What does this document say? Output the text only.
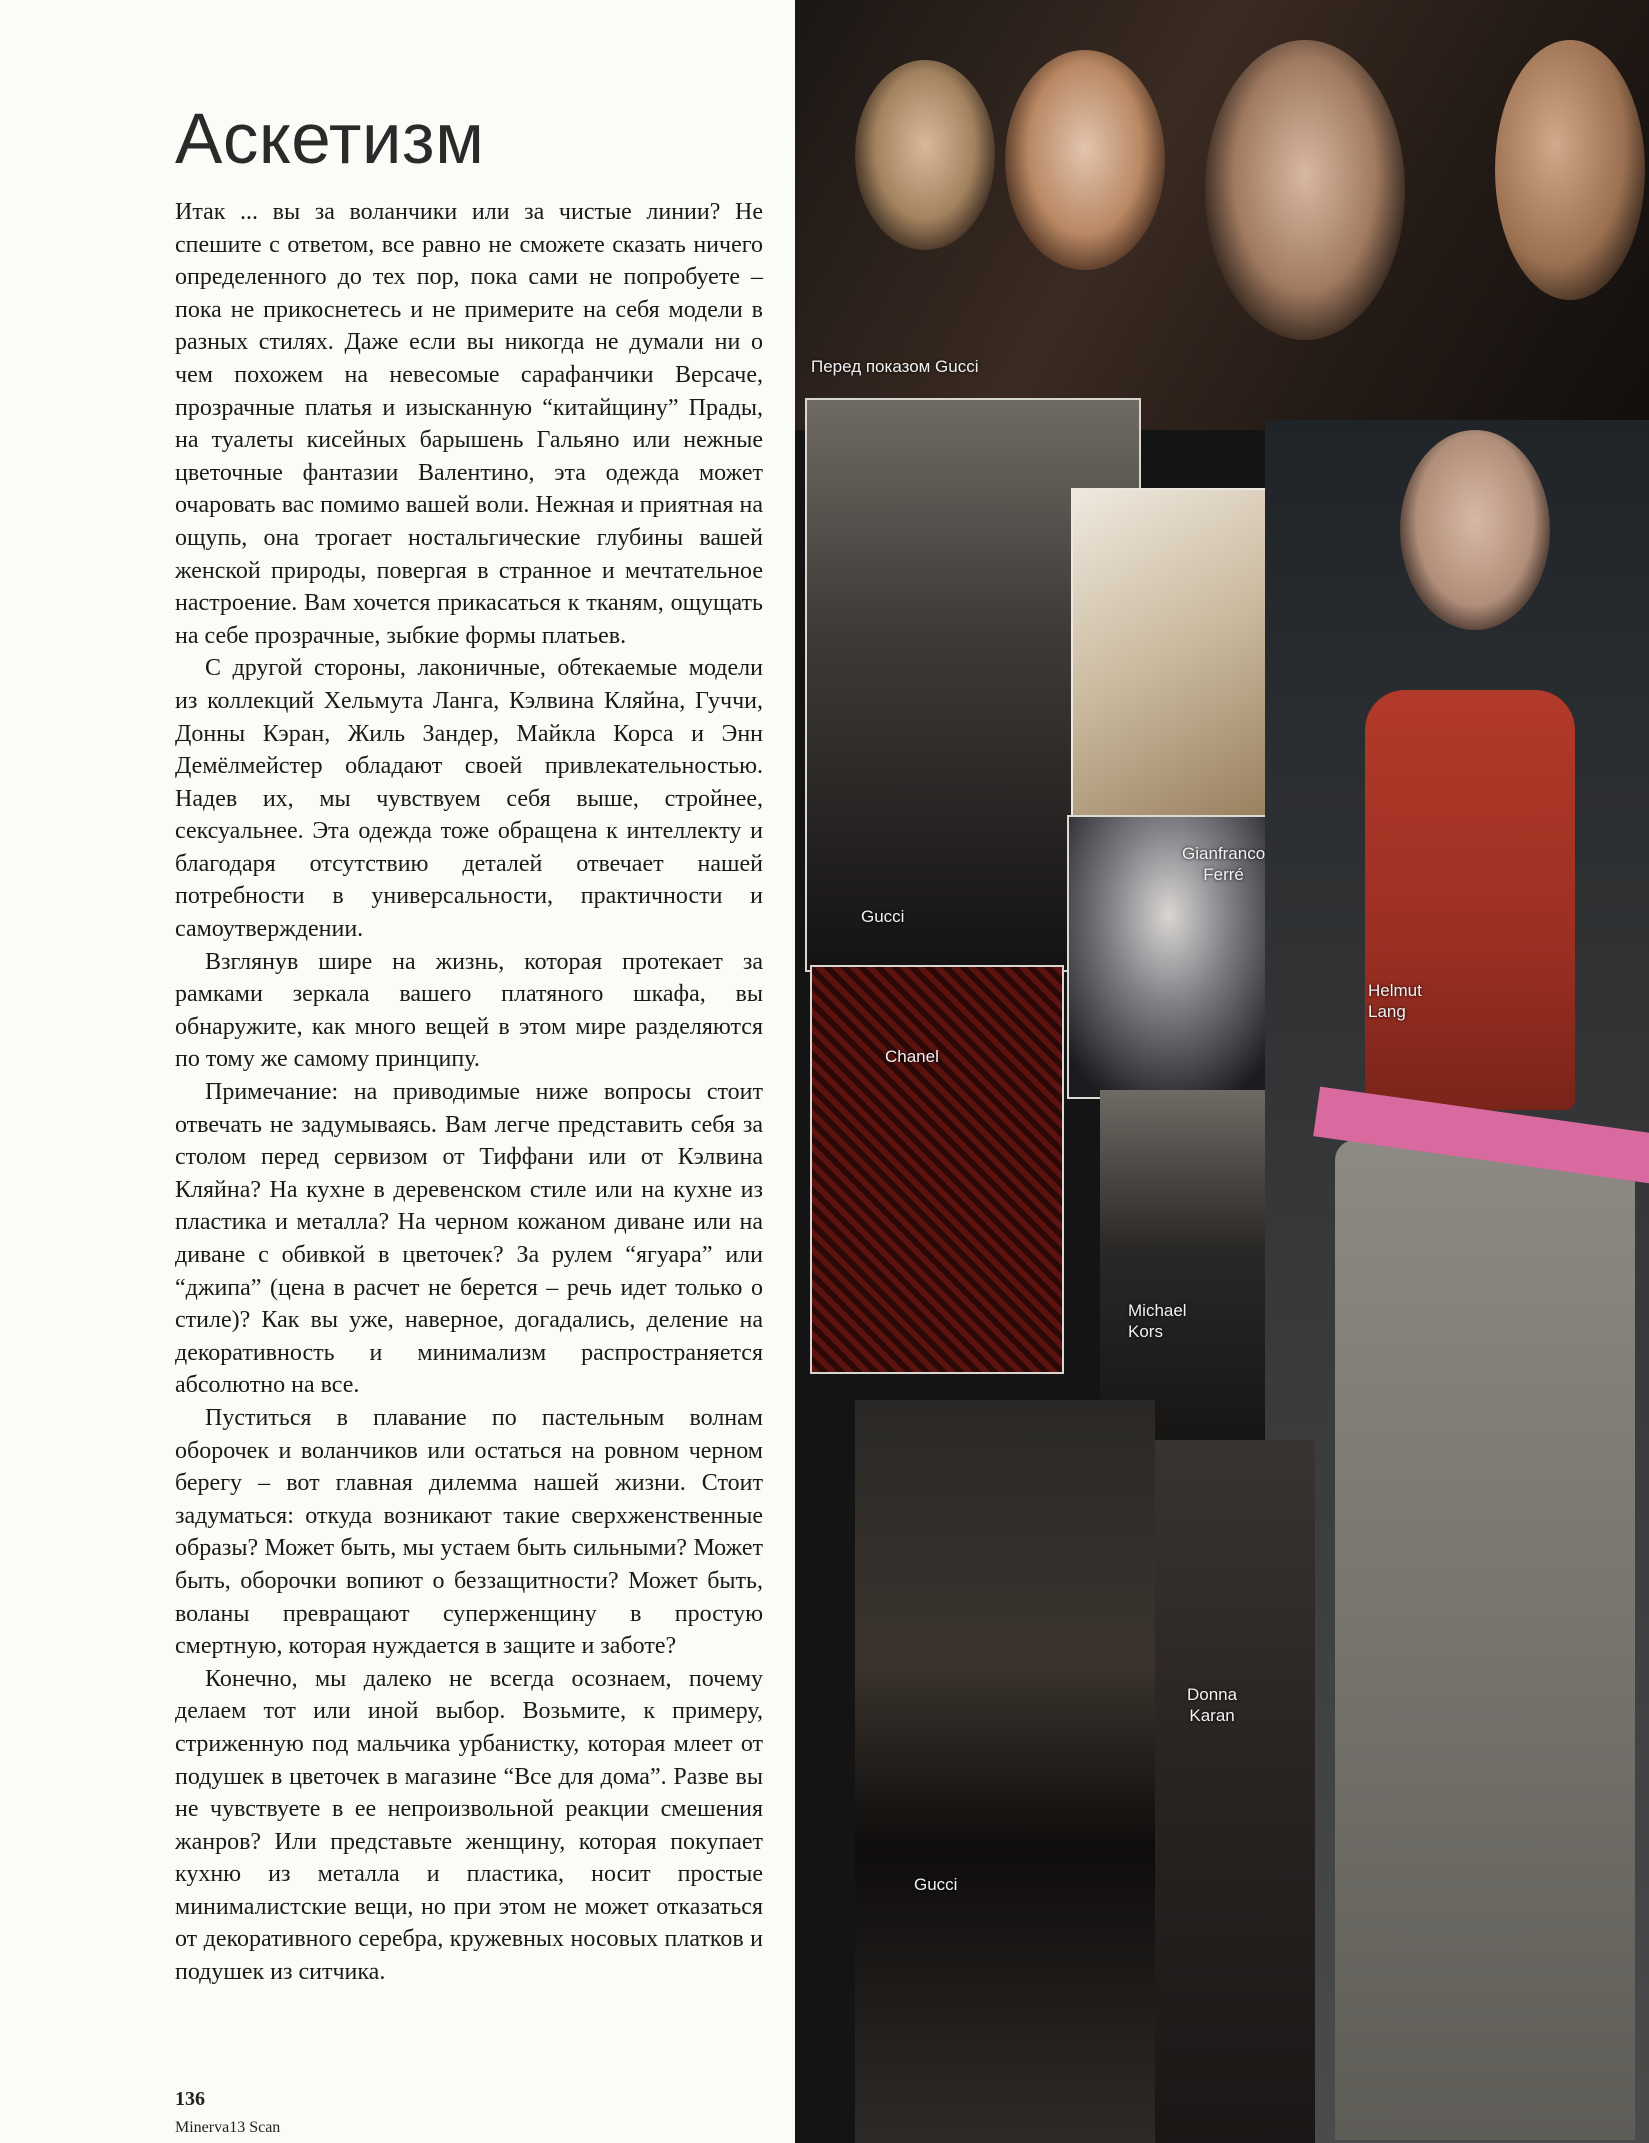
Аскетизм

Итак ... вы за воланчики или за чистые линии? Не спешите с ответом, все равно не сможете сказать ничего определенного до тех пор, пока сами не попробуете – пока не прикоснетесь и не примерите на себя модели в разных стилях. Даже если вы никогда не думали ни о чем похожем на невесомые сарафанчики Версаче, прозрачные платья и изысканную “китайщину” Прады, на туалеты кисейных барышень Гальяно или нежные цветочные фантазии Валентино, эта одежда может очаровать вас помимо вашей воли. Нежная и приятная на ощупь, она трогает ностальгические глубины вашей женской природы, повергая в странное и мечтательное настроение. Вам хочется прикасаться к тканям, ощущать на себе прозрачные, зыбкие формы платьев.

С другой стороны, лаконичные, обтекаемые модели из коллекций Хельмута Ланга, Кэлвина Кляйна, Гуччи, Донны Кэран, Жиль Зандер, Майкла Корса и Энн Демёлмейстер обладают своей привлекательностью. Надев их, мы чувствуем себя выше, стройнее, сексуальнее. Эта одежда тоже обращена к интеллекту и благодаря отсутствию деталей отвечает нашей потребности в универсальности, практичности и самоутверждении.

Взглянув шире на жизнь, которая протекает за рамками зеркала вашего платяного шкафа, вы обнаружите, как много вещей в этом мире разделяются по тому же самому принципу.

Примечание: на приводимые ниже вопросы стоит отвечать не задумываясь. Вам легче представить себя за столом перед сервизом от Тиффани или от Кэлвина Кляйна? На кухне в деревенском стиле или на кухне из пластика и металла? На черном кожаном диване или на диване с обивкой в цветочек? За рулем “ягуара” или “джипа” (цена в расчет не берется – речь идет только о стиле)? Как вы уже, наверное, догадались, деление на декоративность и минимализм распространяется абсолютно на все.

Пуститься в плавание по пастельным волнам оборочек и воланчиков или остаться на ровном черном берегу – вот главная дилемма нашей жизни. Стоит задуматься: откуда возникают такие сверхженственные образы? Может быть, мы устаем быть сильными? Может быть, оборочки вопиют о беззащитности? Может быть, воланы превращают суперженщину в простую смертную, которая нуждается в защите и заботе?

Конечно, мы далеко не всегда осознаем, почему делаем тот или иной выбор. Возьмите, к примеру, стриженную под мальчика урбанистку, которая млеет от подушек в цветочек в магазине “Все для дома”. Разве вы не чувствуете в ее непроизвольной реакции смешения жанров? Или представьте женщину, которая покупает кухню из металла и пластика, носит простые минималистские вещи, но при этом не может отказаться от декоративного серебра, кружевных носовых платков и подушек из ситчика.

136
Minerva13 Scan
Перед показом Gucci
Gucci
Gianfranco
Ferré
Helmut
Lang
Chanel
Michael
Kors
Donna
Karan
Gucci
